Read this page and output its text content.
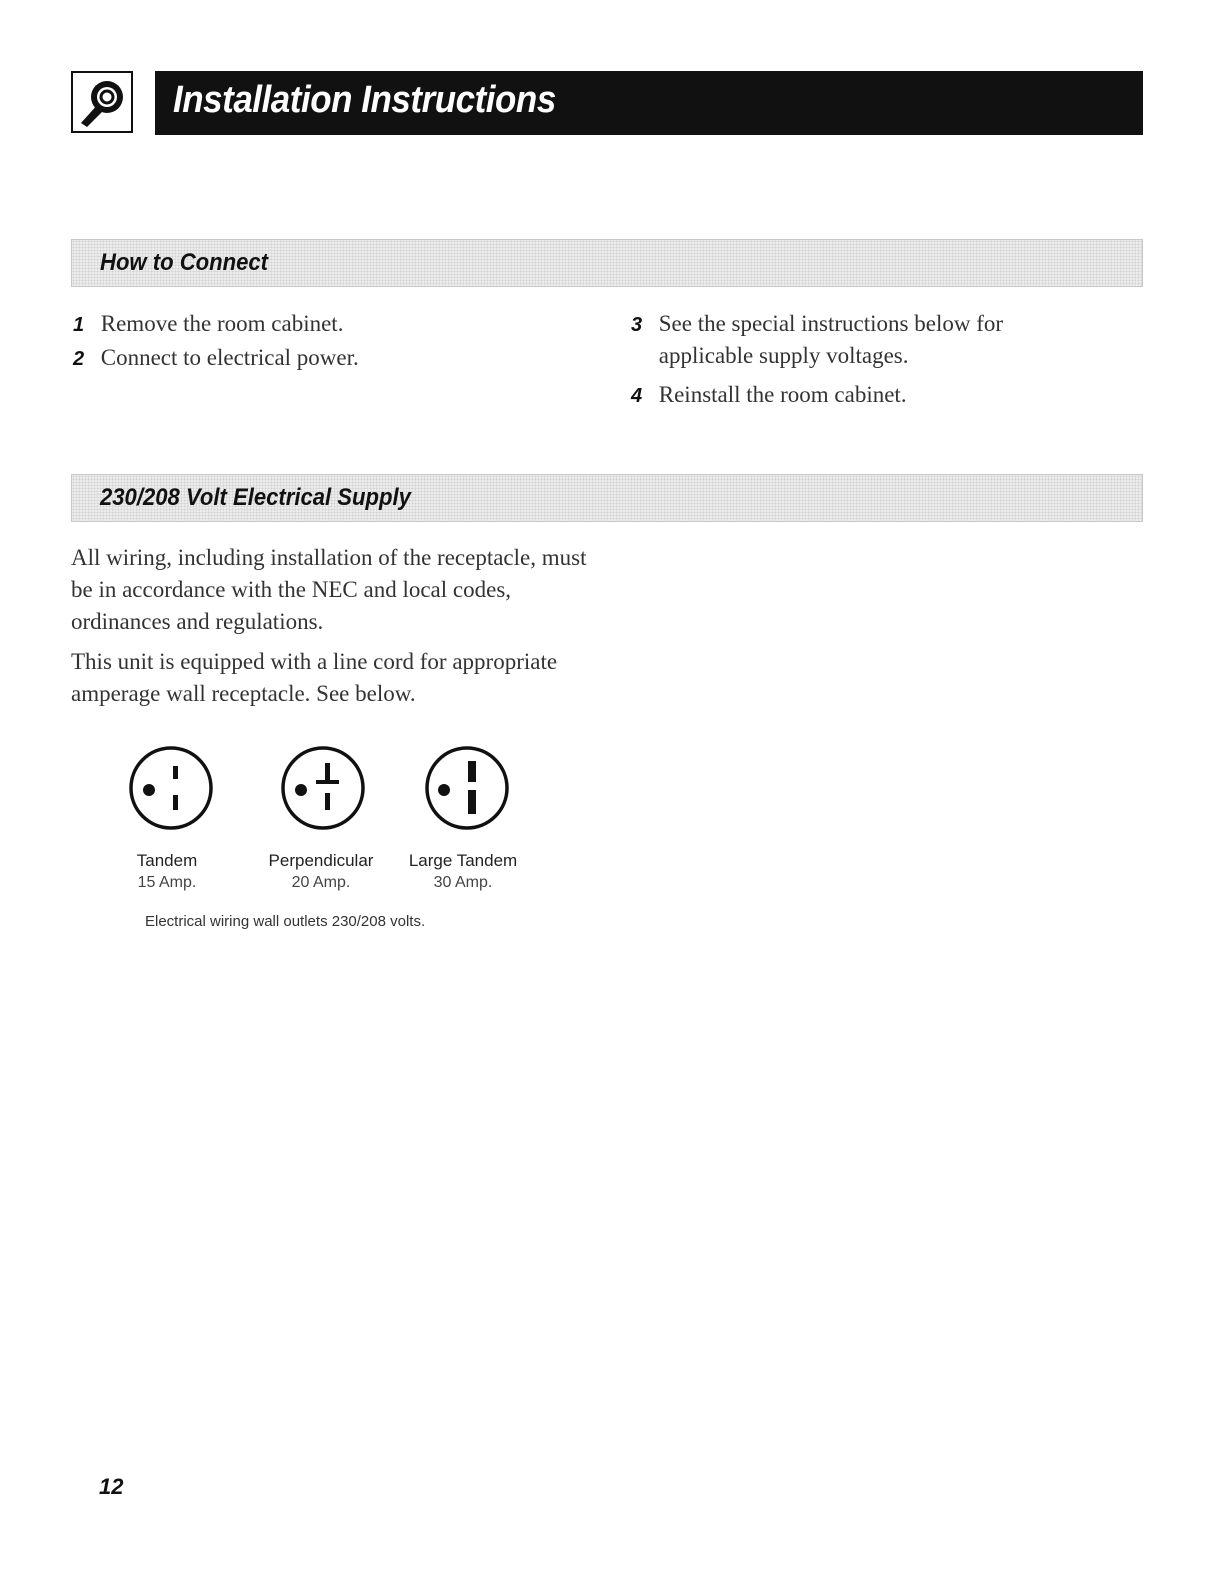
Installation Instructions
How to Connect
1 Remove the room cabinet.
2 Connect to electrical power.
3 See the special instructions below for applicable supply voltages.
4 Reinstall the room cabinet.
230/208 Volt Electrical Supply

All wiring, including installation of the receptacle, must be in accordance with the NEC and local codes, ordinances and regulations.

This unit is equipped with a line cord for appropriate amperage wall receptacle. See below.

Tandem
15 Amp.
Perpendicular
20 Amp.
Large Tandem
30 Amp.
Electrical wiring wall outlets 230/208 volts.
12
